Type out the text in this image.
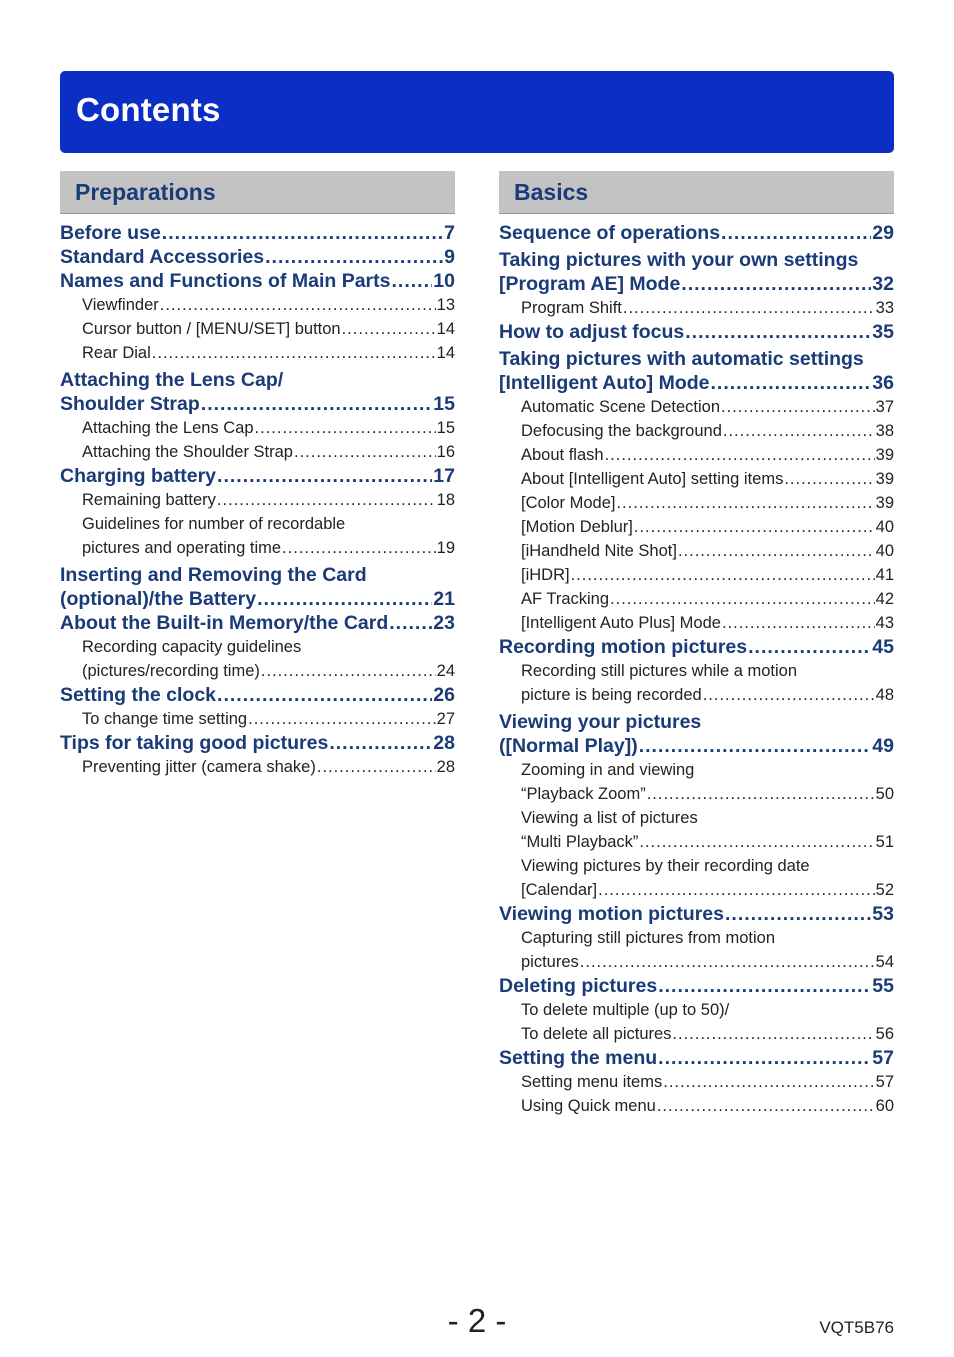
Contents
Preparations
Before use .....	7
Standard Accessories .....	9
Names and Functions of Main Parts ..... 10
Viewfinder .....	13
Cursor button / [MENU/SET] button .....	14
Rear Dial .....	14
Attaching the Lens Cap/
Shoulder Strap .....	15
Attaching the Lens Cap .....	15
Attaching the Shoulder Strap .....	16
Charging battery .....	17
Remaining battery .....	18
Guidelines for number of recordable
pictures and operating time .....	19
Inserting and Removing the Card
(optional)/the Battery .....	21
About the Built-in Memory/the Card ..... 23
Recording capacity guidelines
(pictures/recording time) .....	24
Setting the clock .....	26
To change time setting .....	27
Tips for taking good pictures .....	28
Preventing jitter (camera shake) .....	28
Basics
Sequence of operations .....	29
Taking pictures with your own settings
[Program AE] Mode .....	32
Program Shift .....	33
How to adjust focus .....	35
Taking pictures with automatic settings
[Intelligent Auto] Mode .....	36
Automatic Scene Detection .....	37
Defocusing the background .....	38
About flash .....	39
About [Intelligent Auto] setting items .....	39
[Color Mode] .....	39
[Motion Deblur] .....	40
[iHandheld Nite Shot] .....	40
[iHDR] .....	41
AF Tracking .....	42
[Intelligent Auto Plus] Mode .....	43
Recording motion pictures .....	45
Recording still pictures while a motion
picture is being recorded .....	48
Viewing your pictures
([Normal Play]) .....	49
Zooming in and viewing
“Playback Zoom” .....	50
Viewing a list of pictures
“Multi Playback” .....	51
Viewing pictures by their recording date
[Calendar] .....	52
Viewing motion pictures .....	53
Capturing still pictures from motion
pictures .....	54
Deleting pictures .....	55
To delete multiple (up to 50)/
To delete all pictures .....	56
Setting the menu .....	57
Setting menu items .....	57
Using Quick menu .....	60
- 2 -	VQT5B76
